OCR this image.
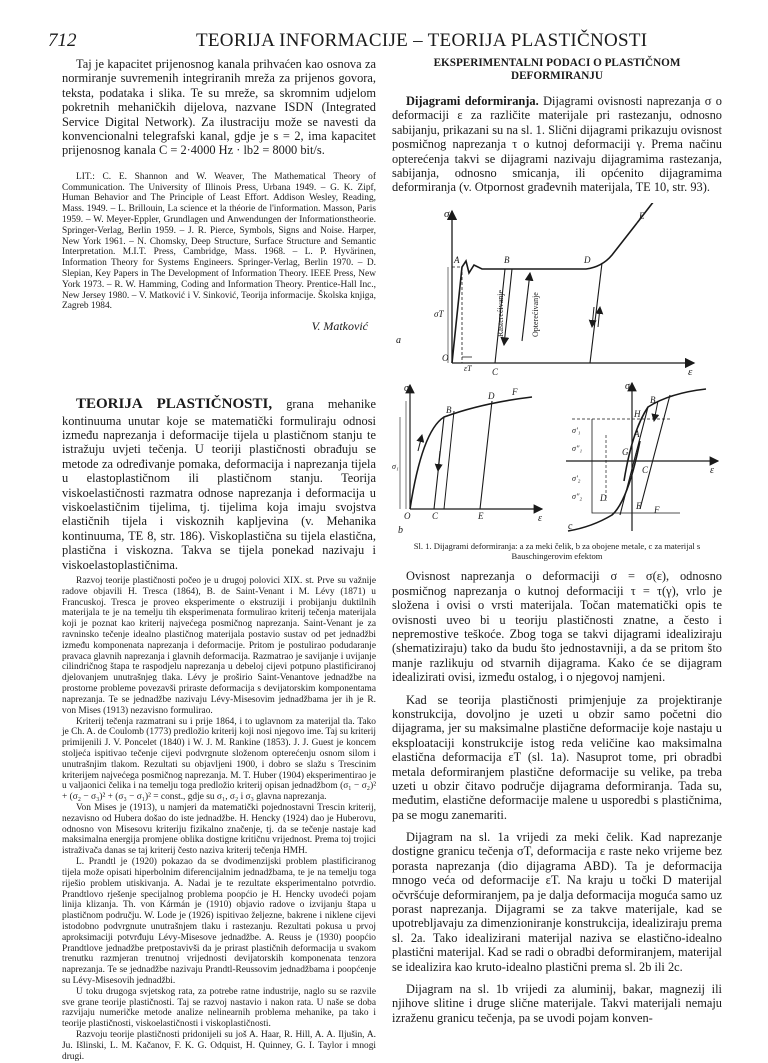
712	TEORIJA INFORMACIJE – TEORIJA PLASTIČNOSTI

Taj je kapacitet prijenosnog kanala prihvaćen kao osnova za normiranje suvremenih integriranih mreža za prijenos govora, teksta, podataka i slika. Te su mreže, sa skromnim udjelom pokretnih mehaničkih dijelova, nazvane ISDN (Integrated Service Digital Network). Za ilustraciju može se navesti da konvencionalni telegrafski kanal, gdje je s = 2, ima kapacitet prijenosnog kanala C = 2·4000 Hz · lb2 = 8000 bit/s.

LIT.: C. E. Shannon and W. Weaver, The Mathematical Theory of Communication. The University of Illinois Press, Urbana 1949. – G. K. Zipf, Human Behavior and The Principle of Least Effort. Addison Wesley, Reading, Mass. 1949. – L. Brillouin, La science et la théorie de l'information. Masson, Paris 1959. – W. Meyer-Eppler, Grundlagen und Anwendungen der Informationstheorie. Springer-Verlag, Berlin 1959. – J. R. Pierce, Symbols, Signs and Noise. Harper, New York 1961. – N. Chomsky, Deep Structure, Surface Structure and Semantic Interpretation. M.I.T. Press, Cambridge, Mass. 1968. – L. P. Hyvärinen, Information Theory for Systems Engineers. Springer-Verlag, Berlin 1970. – D. Slepian, Key Papers in The Development of Information Theory. IEEE Press, New York 1973. – R. W. Hamming, Coding and Information Theory. Prentice-Hall Inc., New Jersey 1980. – V. Matković i V. Sinković, Teorija informacije. Školska knjiga, Zagreb 1984.

V. Matković

TEORIJA PLASTIČNOSTI, grana mehanike kontinuuma unutar koje se matematički formuliraju odnosi između naprezanja i deformacije tijela u plastičnom stanju te istražuju uvjeti tečenja. U teoriji plastičnosti obrađuju se metode za određivanje pomaka, deformacija i naprezanja tijela u elastoplastičnom ili plastičnom stanju. Teorija viskoelastičnosti razmatra odnose naprezanja i deformacija u viskoelastičnim tijelima, tj. tijelima koja imaju svojstva elastičnih tijela i viskoznih kapljevina (v. Mehanika kontinuuma, TE 8, str. 186). Viskoplastična su tijela elastična, plastična i viskozna. Takva se tijela ponekad nazivaju i viskoelastoplastičnima.

Razvoj teorije plastičnosti počeo je u drugoj polovici XIX. st. Prve su važnije radove objavili H. Tresca (1864), B. de Saint-Venant i M. Lévy (1871) u Francuskoj. Tresca je proveo eksperimente o ekstruziji i probijanju duktilnih materijala te je na temelju tih eksperimenata formulirao kriterij tečenja materijala koji je poznat kao kriterij najvećega posmičnog naprezanja. Saint-Venant je za ravninsko tečenje idealno plastičnog materijala postavio sustav od pet jednadžbi između komponenata naprezanja i deformacije. Pritom je postulirao podudaranje pravaca glavnih naprezanja i glavnih deformacija. Razmatrao je savijanje i uvijanje cilindričnog štapa te raspodjelu naprezanja u debeloj cijevi potpuno plastificiranoj djelovanjem unutrašnjeg tlaka. Lévy je proširio Saint-Venantove jednadžbe na prostorne probleme povezavši priraste deformacija s devijatorskim komponentama naprezanja. Te se jednadžbe nazivaju Lévy-Misesovim jednadžbama jer ih je R. von Mises (1913) nezavisno formulirao.

Kriterij tečenja razmatrani su i prije 1864, i to uglavnom za materijal tla. Tako je Ch. A. de Coulomb (1773) predložio kriterij koji nosi njegovo ime. Taj su kriterij primijenili J. V. Poncelet (1840) i W. J. M. Rankine (1853). J. J. Guest je koncem stoljeća ispitivao tečenje cijevi podvrgnute složenom opterećenju osnom silom i unutrašnjim tlakom. Rezultati su objavljeni 1900, i dobro se slažu s Trescinim kriterijem najvećega posmičnog naprezanja. M. T. Huber (1904) eksperimentirao je u valjaonici čelika i na temelju toga predložio kriterij opisan jednadžbom (σ₁ − σ₂)² + (σ₂ − σ₃)² + (σ₃ − σ₁)² = const., gdje su σ₁, σ₂ i σ₃ glavna naprezanja.

Von Mises je (1913), u namjeri da matematički pojednostavni Trescin kriterij, nezavisno od Hubera došao do iste jednadžbe. H. Hencky (1924) dao je Huberovu, odnosno von Misesovu kriteriju fizikalno značenje, tj. da se tečenje nastaje kad maksimalna energija promjene oblika dostigne kritičnu vrijednost. Prema toj trojici istraživača danas se taj kriterij često naziva kriterij tečenja HMH.

L. Prandtl je (1920) pokazao da se dvodimenzijski problem plastificiranog tijela može opisati hiperbolnim diferencijalnim jednadžbama, te je na temelju toga riješio problem utiskivanja. A. Nadai je te rezultate eksperimentalno potvrdio. Prandtlovo rješenje specijalnog problema poopćio je H. Hencky uvodeći pojam linija klizanja. Th. von Kármán je (1910) objavio radove o izvijanju štapa u plastičnom području. W. Lode je (1926) ispitivao željezne, bakrene i niklene cijevi istodobno podvrgnute unutrašnjem tlaku i rastezanju. Rezultati pokusa u prvoj aproksimaciji potvrđuju Lévy-Misesove jednadžbe. A. Reuss je (1930) poopćio Prandtlove jednadžbe pretpostavivši da je prirast plastičnih deformacija u svakom trenutku razmjeran trenutnoj vrijednosti devijatorskih komponenata tenzora naprezanja. Te se jednadžbe nazivaju Prandtl-Reussovim jednadžbama i poopćenje su Lévy-Misesovih jednadžbi.

U toku drugoga svjetskog rata, za potrebe ratne industrije, naglo su se razvile sve grane teorije plastičnosti. Taj se razvoj nastavio i nakon rata. U naše se doba razvijaju numeričke metode analize nelinearnih problema mehanike, pa tako i teorije plastičnosti, viskoelastičnosti i viskoplastičnosti.

Razvoju teorije plastičnosti pridonijeli su još A. Haar, R. Hill, A. A. Iljušin, A. Ju. Išlinski, L. M. Kačanov, F. K. G. Odquist, H. Quinney, G. I. Taylor i mnogi drugi.

EKSPERIMENTALNI PODACI O PLASTIČNOM DEFORMIRANJU

Dijagrami deformiranja. Dijagrami ovisnosti naprezanja σ o deformaciji ε za različite materijale pri rastezanju, odnosno sabijanju, prikazani su na sl. 1. Slični dijagrami prikazuju ovisnost posmičnog naprezanja τ o kutnoj deformaciji γ. Prema načinu opterećenja takvi se dijagrami nazivaju dijagramima rastezanja, sabijanja, odnosno smicanja, ili općenito dijagramima deformiranja (v. Otpornost građevnih materijala, TE 10, str. 93).

σ
ε
σT
εT
A	B	D
E
C
O
a
Rasterećivanje	Opterećivanje
σ
ε
B
D F
C	E
O
σ₁
b
σ
ε
A
B
H
G
C
D
E F
σ'₁
σ''₁
σ'₂
σ''₂
c

Sl. 1. Dijagrami deformiranja: a za meki čelik, b za obojene metale, c za materijal s Bauschingerovim efektom

Ovisnost naprezanja o deformaciji σ = σ(ε), odnosno posmičnog naprezanja o kutnoj deformaciji τ = τ(γ), vrlo je složena i ovisi o vrsti materijala. Točan matematički opis te ovisnosti uveo bi u teoriju plastičnosti znatne, a često i nepremostive teškoće. Zbog toga se takvi dijagrami idealiziraju (shematiziraju) tako da budu što jednostavniji, a da se pritom što manje razlikuju od stvarnih dijagrama. Kako će se dijagram idealizirati ovisi, između ostalog, i o njegovoj namjeni.

Kad se teorija plastičnosti primjenjuje za projektiranje konstrukcija, dovoljno je uzeti u obzir samo početni dio dijagrama, jer su maksimalne plastične deformacije koje nastaju u eksploataciji konstrukcije istog reda veličine kao maksimalna elastična deformacija εT (sl. 1a). Nasuprot tome, pri obradbi metala deformiranjem plastične deformacije su velike, pa treba uzeti u obzir čitavo područje dijagrama deformiranja. Tada su, međutim, elastične deformacije malene u usporedbi s plastičnima, pa se mogu zanemariti.

Dijagram na sl. 1a vrijedi za meki čelik. Kad naprezanje dostigne granicu tečenja σT, deformacija ε raste neko vrijeme bez porasta naprezanja (dio dijagrama ABD). Ta je deformacija mnogo veća od deformacije εT. Na kraju u točki D materijal očvršćuje deformiranjem, pa je dalja deformacija moguća samo uz porast naprezanja. Dijagrami se za takve materijale, kad se upotrebljavaju za dimenzioniranje konstrukcija, idealiziraju prema sl. 2a. Tako idealizirani materijal naziva se elastično-idealno plastični materijal. Kad se radi o obradbi deformiranjem, materijal se idealizira kao kruto-idealno plastični prema sl. 2b ili 2c.

Dijagram na sl. 1b vrijedi za aluminij, bakar, magnezij ili njihove slitine i druge slične materijale. Takvi materijali nemaju izraženu granicu tečenja, pa se uvodi pojam konven-
